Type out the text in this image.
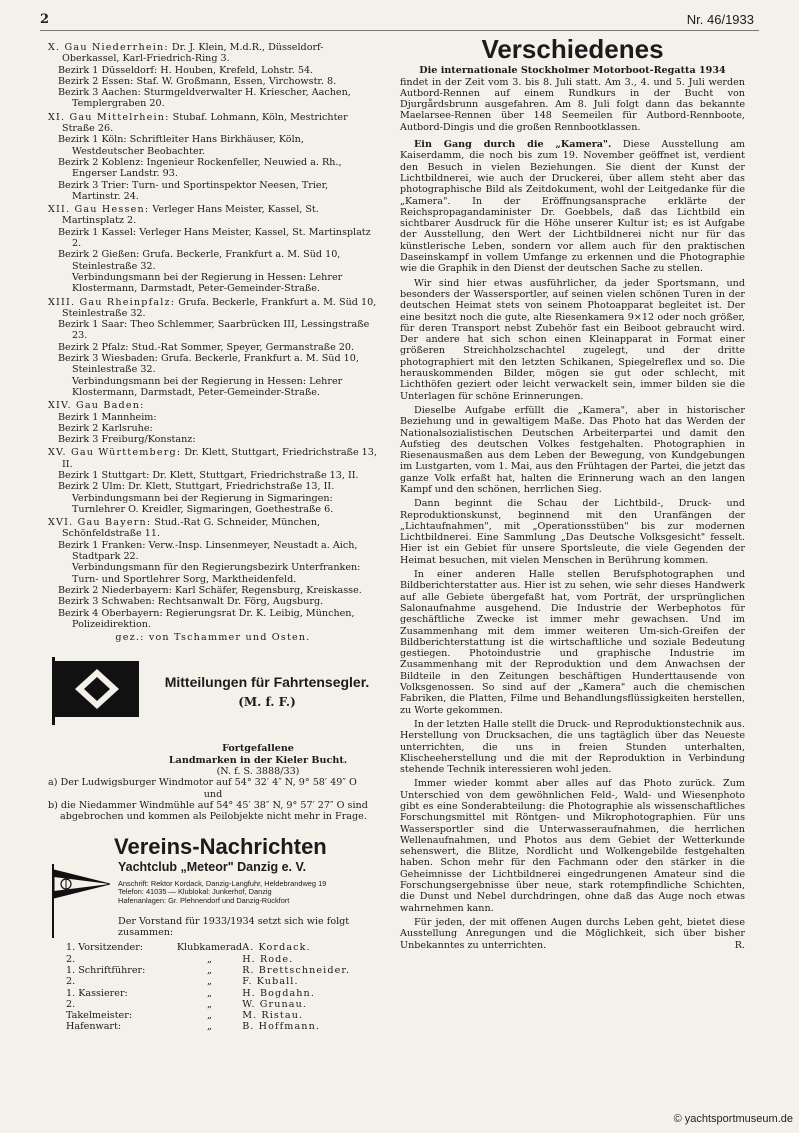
2	Nr. 46/1933
X. Gau Niederrhein: Dr. J. Klein, M.d.R., Düsseldorf-Oberkassel, Karl-Friedrich-Ring 3.
Bezirk 1 Düsseldorf: H. Houben, Krefeld, Lohstr. 54.
Bezirk 2 Essen: Staf. W. Großmann, Essen, Virchowstr. 8.
Bezirk 3 Aachen: Sturmgeldverwalter H. Kriescher, Aachen, Templergraben 20.
XI. Gau Mittelrhein: Stubaf. Lohmann, Köln, Mestrichter Straße 26.
Bezirk 1 Köln: Schriftleiter Hans Birkhäuser, Köln, Westdeutscher Beobachter.
Bezirk 2 Koblenz: Ingenieur Rockenfeller, Neuwied a. Rh., Engerser Landstr. 93.
Bezirk 3 Trier: Turn- und Sportinspektor Neesen, Trier, Martinstr. 24.
XII. Gau Hessen: Verleger Hans Meister, Kassel, St. Martinsplatz 2.
Bezirk 1 Kassel: Verleger Hans Meister, Kassel, St. Martinsplatz 2.
Bezirk 2 Gießen: Grufa. Beckerle, Frankfurt a. M. Süd 10, Steinlestraße 32.
Verbindungsmann bei der Regierung in Hessen: Lehrer Klostermann, Darmstadt, Peter-Gemeinder-Straße.
XIII. Gau Rheinpfalz: Grufa. Beckerle, Frankfurt a. M. Süd 10, Steinlestraße 32.
Bezirk 1 Saar: Theo Schlemmer, Saarbrücken III, Lessingstraße 23.
Bezirk 2 Pfalz: Stud.-Rat Sommer, Speyer, Germanstraße 20.
Bezirk 3 Wiesbaden: Grufa. Beckerle, Frankfurt a. M. Süd 10, Steinlestraße 32.
Verbindungsmann bei der Regierung in Hessen: Lehrer Klostermann, Darmstadt, Peter-Gemeinder-Straße.
XIV. Gau Baden:
Bezirk 1 Mannheim:
Bezirk 2 Karlsruhe:
Bezirk 3 Freiburg/Konstanz:
XV. Gau Württemberg: Dr. Klett, Stuttgart, Friedrichstraße 13, II.
Bezirk 1 Stuttgart: Dr. Klett, Stuttgart, Friedrichstraße 13, II.
Bezirk 2 Ulm: Dr. Klett, Stuttgart, Friedrichstraße 13, II.
Verbindungsmann bei der Regierung in Sigmaringen: Turnlehrer O. Kreidler, Sigmaringen, Goethestraße 6.
XVI. Gau Bayern: Stud.-Rat G. Schneider, München, Schönfeldstraße 11.
Bezirk 1 Franken: Verw.-Insp. Linsenmeyer, Neustadt a. Aich, Stadtpark 22.
Verbindungsmann für den Regierungsbezirk Unterfranken: Turn- und Sportlehrer Sorg, Marktheidenfeld.
Bezirk 2 Niederbayern: Karl Schäfer, Regensburg, Kreiskasse.
Bezirk 3 Schwaben: Rechtsanwalt Dr. Förg, Augsburg.
Bezirk 4 Oberbayern: Regierungsrat Dr. K. Leibig, München, Polizeidirektion.
gez.: von Tschammer und Osten.
Mitteilungen für Fahrtensegler.
(M. f. F.)
Fortgefallene
Landmarken in der Kieler Bucht.
(N. f. S. 3888/33)
a) Der Ludwigsburger Windmotor auf 54° 32′ 4″ N, 9° 58′ 49″ O
und
b) die Niedammer Windmühle auf 54° 45′ 38″ N, 9° 57′ 27″ O sind abgebrochen und kommen als Peilobjekte nicht mehr in Frage.
Vereins-Nachrichten
Yachtclub „Meteor" Danzig e. V.
Anschrift: Rektor Kordack, Danzig-Langfuhr, Heldebrandweg 19
Telefon: 41035 — Klublokal: Junkerhof, Danzig
Hafenanlagen: Gr. Plehnendorf und Danzig-Rückfort
Der Vorstand für 1933/1934 setzt sich wie folgt zusammen:
1. Vorsitzender:	Klubkamerad	A. Kordack.
2.	„	H. Rode.
1. Schriftführer:	„	R. Brettschneider.
2.	„	F. Kuball.
1. Kassierer:	„	H. Bogdahn.
2.	„	W. Grunau.
Takelmeister:	„	M. Ristau.
Hafenwart:	„	B. Hoffmann.
Verschiedenes
Die internationale Stockholmer Motorboot-Regatta 1934

findet in der Zeit vom 3. bis 8. Juli statt. Am 3., 4. und 5. Juli werden Autbord-Rennen auf einem Rundkurs in der Bucht von Djurgårdsbrunn ausgefahren. Am 8. Juli folgt dann das bekannte Maelarsee-Rennen über 148 Seemeilen für Autbord-Rennboote, Autbord-Dingis und die großen Rennbootklassen.

Ein Gang durch die „Kamera". Diese Ausstellung am Kaiserdamm, die noch bis zum 19. November geöffnet ist, verdient den Besuch in vielen Beziehungen. Sie dient der Kunst der Lichtbildnerei, wie auch der Druckerei, über allem steht aber das photographische Bild als Zeitdokument, wohl der Leitgedanke für die „Kamera". In der Eröffnungsansprache erklärte der Reichspropagandaminister Dr. Goebbels, daß das Lichtbild ein sichtbarer Ausdruck für die Höhe unserer Kultur ist; es ist Aufgabe der Ausstellung, den Wert der Lichtbildnerei nicht nur für das künstlerische Leben, sondern vor allem auch für den praktischen Daseinskampf in vollem Umfange zu erkennen und die Photographie wie die Graphik in den Dienst der deutschen Sache zu stellen.

Wir sind hier etwas ausführlicher, da jeder Sportsmann, und besonders der Wassersportler, auf seinen vielen schönen Turen in der deutschen Heimat stets von seinem Photoapparat begleitet ist. Der eine besitzt noch die gute, alte Riesenkamera 9×12 oder noch größer, für deren Transport nebst Zubehör fast ein Beiboot gebraucht wird. Der andere hat sich schon einen Kleinapparat in Format einer größeren Streichholzschachtel zugelegt, und der dritte photographiert mit den letzten Schikanen, Spiegelreflex und so. Die herauskommenden Bilder, mögen sie gut oder schlecht, mit Lichthöfen geziert oder leicht verwackelt sein, immer bilden sie die Unterlagen für schöne Erinnerungen.

Dieselbe Aufgabe erfüllt die „Kamera", aber in historischer Beziehung und in gewaltigem Maße. Das Photo hat das Werden der Nationalsozialistischen Deutschen Arbeiterpartei und damit den Aufstieg des deutschen Volkes festgehalten. Photographien in Riesenausmaßen aus dem Leben der Bewegung, von Kundgebungen im Lustgarten, vom 1. Mai, aus den Frühtagen der Partei, die jetzt das ganze Volk erfaßt hat, halten die Erinnerung wach an den langen Kampf und den schönen, herrlichen Sieg.

Dann beginnt die Schau der Lichtbild-, Druck- und Reproduktionskunst, beginnend mit den Uranfängen der „Lichtaufnahmen", mit „Operationsstüben" bis zur modernen Lichtbildnerei. Eine Sammlung „Das Deutsche Volksgesicht" fesselt. Hier ist ein Gebiet für unsere Sportsleute, die viele Gegenden der Heimat besuchen, mit vielen Menschen in Berührung kommen.

In einer anderen Halle stellen Berufsphotographen und Bildberichterstatter aus. Hier ist zu sehen, wie sehr dieses Handwerk auf alle Gebiete übergefaßt hat, vom Porträt, der ursprünglichen Salonaufnahme ausgehend. Die Industrie der Werbephotos für geschäftliche Zwecke ist immer mehr gewachsen. Und im Zusammenhang mit dem immer weiteren Um-sich-Greifen der Bildberichterstattung ist die wirtschaftliche und soziale Bedeutung gestiegen. Photoindustrie und graphische Industrie im Zusammenhang mit der Reproduktion und dem Anwachsen der Bildteile in den Zeitungen beschäftigen Hunderttausende von Volksgenossen. So sind auf der „Kamera" auch die chemischen Fabriken, die Platten, Filme und Behandlungsflüssigkeiten herstellen, zu Worte gekommen.

In der letzten Halle stellt die Druck- und Reproduktionstechnik aus. Herstellung von Drucksachen, die uns tagtäglich über das Neueste unterrichten, die uns in freien Stunden unterhalten, Klischeeherstellung und die mit der Reproduktion in Verbindung stehende Technik interessieren wohl jeden.

Immer wieder kommt aber alles auf das Photo zurück. Zum Unterschied von dem gewöhnlichen Feld-, Wald- und Wiesenphoto gibt es eine Sonderabteilung: die Photographie als wissenschaftliches Forschungsmittel mit Röntgen- und Mikrophotographien. Für uns Wassersportler sind die Unterwasseraufnahmen, die herrlichen Wellenaufnahmen, und Photos aus dem Gebiet der Wetterkunde sehenswert, die Blitze, Nordlicht und Wolkengebilde festgehalten haben. Schon mehr für den Fachmann oder den stärker in die Geheimnisse der Lichtbildnerei eingedrungenen Amateur sind die Forschungsergebnisse über neue, stark rotempfindliche Schichten, die Dunst und Nebel durchdringen, ohne daß das Auge noch etwas wahrnehmen kann.

Für jeden, der mit offenen Augen durchs Leben geht, bietet diese Ausstellung Anregungen und die Möglichkeit, sich über bisher Unbekanntes zu unterrichten.	R.

© yachtsportmuseum.de
